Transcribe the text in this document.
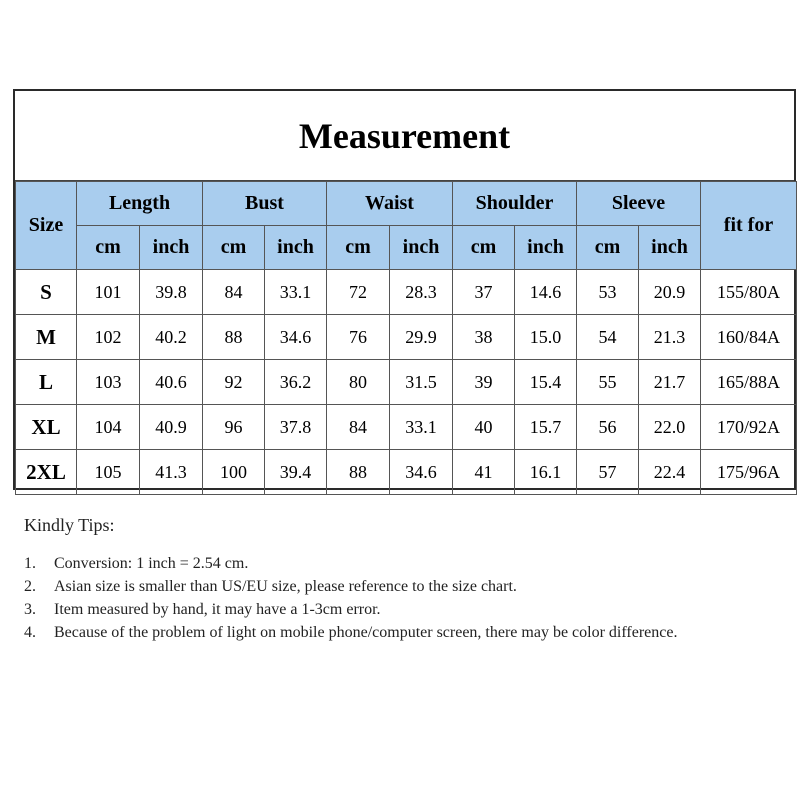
Measurement
Size	Length		Bust		Waist		Shoulder		Sleeve		fit for
	cm	inch	cm	inch	cm	inch	cm	inch	cm	inch	
S	101	39.8	84	33.1	72	28.3	37	14.6	53	20.9	155/80A
M	102	40.2	88	34.6	76	29.9	38	15.0	54	21.3	160/84A
L	103	40.6	92	36.2	80	31.5	39	15.4	55	21.7	165/88A
XL	104	40.9	96	37.8	84	33.1	40	15.7	56	22.0	170/92A
2XL	105	41.3	100	39.4	88	34.6	41	16.1	57	22.4	175/96A
Kindly Tips:
1.	Conversion: 1 inch = 2.54 cm.
2.	Asian size is smaller than US/EU size, please reference to the size chart.
3.	Item measured by hand, it may have a 1-3cm error.
4.	Because of the problem of light on mobile phone/computer screen, there may be color difference.
